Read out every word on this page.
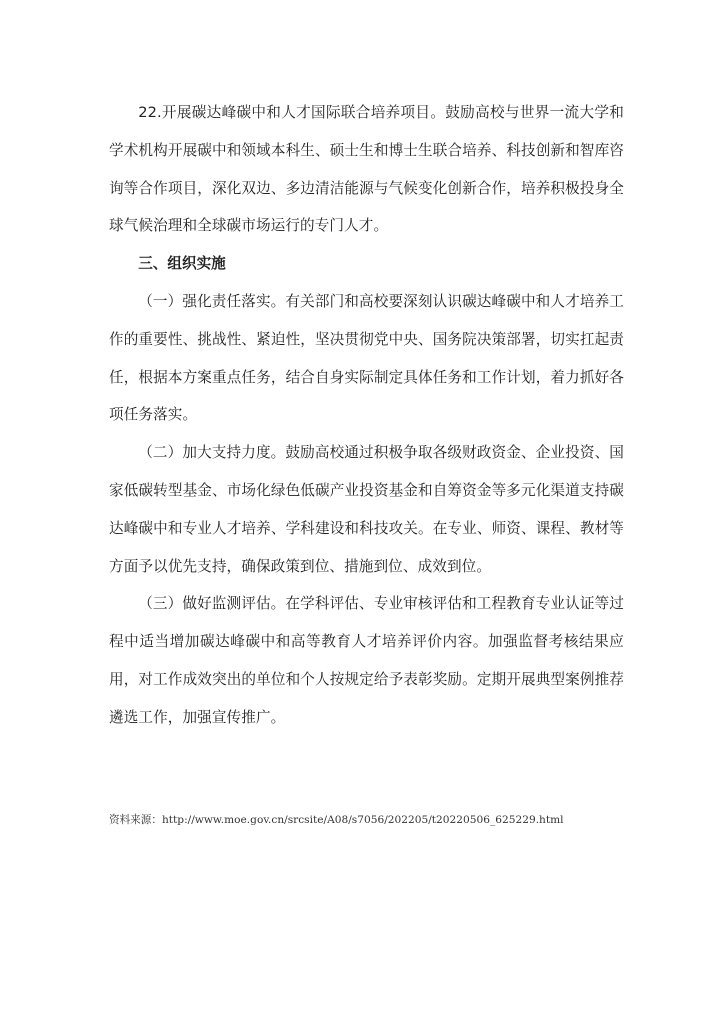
22.开展碳达峰碳中和人才国际联合培养项目。鼓励高校与世界一流大学和学术机构开展碳中和领域本科生、硕士生和博士生联合培养、科技创新和智库咨询等合作项目，深化双边、多边清洁能源与气候变化创新合作，培养积极投身全球气候治理和全球碳市场运行的专门人才。

三、组织实施

（一）强化责任落实。有关部门和高校要深刻认识碳达峰碳中和人才培养工作的重要性、挑战性、紧迫性，坚决贯彻党中央、国务院决策部署，切实扛起责任，根据本方案重点任务，结合自身实际制定具体任务和工作计划，着力抓好各项任务落实。

（二）加大支持力度。鼓励高校通过积极争取各级财政资金、企业投资、国家低碳转型基金、市场化绿色低碳产业投资基金和自筹资金等多元化渠道支持碳达峰碳中和专业人才培养、学科建设和科技攻关。在专业、师资、课程、教材等方面予以优先支持，确保政策到位、措施到位、成效到位。

（三）做好监测评估。在学科评估、专业审核评估和工程教育专业认证等过程中适当增加碳达峰碳中和高等教育人才培养评价内容。加强监督考核结果应用，对工作成效突出的单位和个人按规定给予表彰奖励。定期开展典型案例推荐遴选工作，加强宣传推广。

资料来源：http://www.moe.gov.cn/srcsite/A08/s7056/202205/t20220506_625229.html
